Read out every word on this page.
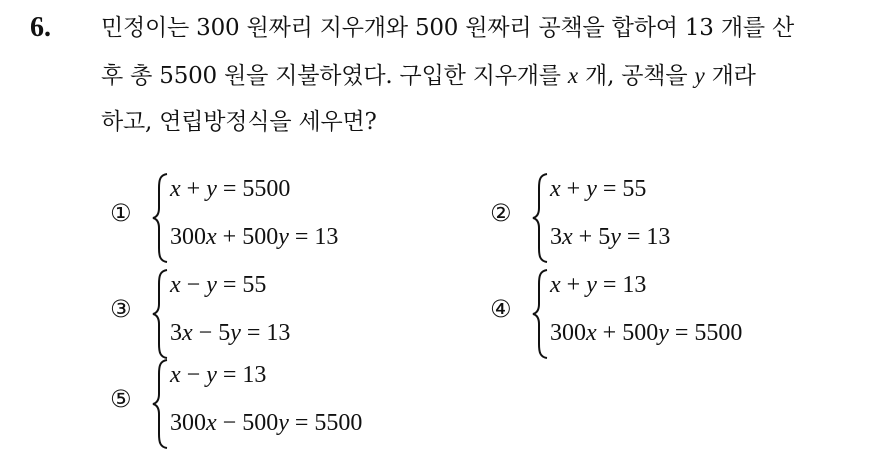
6. 민정이는 300 원짜리 지우개와 500 원짜리 공책을 합하여 13 개를 산
후 총 5500 원을 지불하였다. 구입한 지우개를 x 개, 공책을 y 개라
하고, 연립방정식을 세우면?
①
x + y = 5500
300x + 500y = 13
②
x + y = 55
3x + 5y = 13
③
x − y = 55
3x − 5y = 13
④
x + y = 13
300x + 500y = 5500
⑤
x − y = 13
300x − 500y = 5500
